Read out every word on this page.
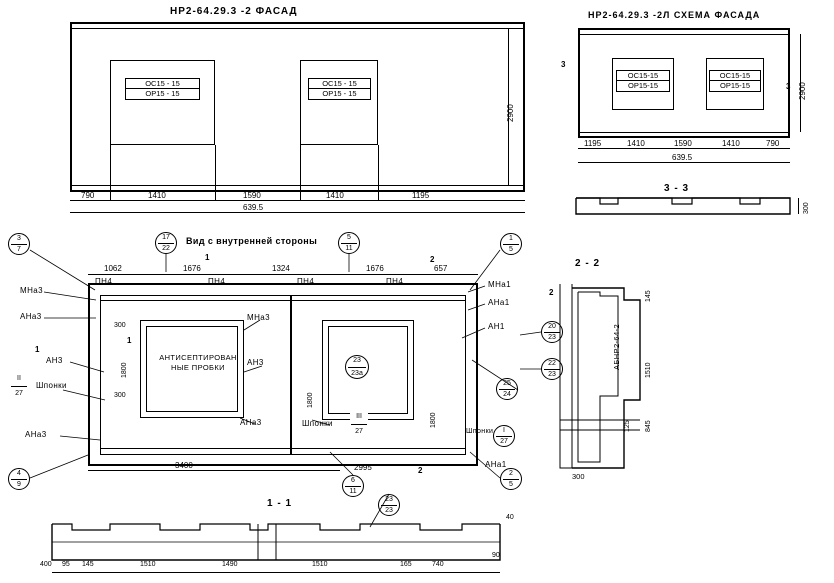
НР2-64.29.3 -2 ФАСАД	НР2-64.29.3 -2Л СХЕМА ФАСАДА
3 - 3
2 - 2
1 - 1
Вид с внутренней стороны
ОС15 - 15
ОР15 - 15
ОС15 - 15
ОР15 - 15
2900
790	1410	1590	1410	1195
639.5
ОС15-15
ОР15-15
ОС15-15
ОР15-15	2900
1195	1410	1590	1410	790
639.5
3
3
300
1062	1676	1324	1676	657
ПН4	ПН4	ПН4	ПН4
МНа3
АНа3
АН3
МНа1
АНа1
АН1
АНа1
МНа3
АН3
АНа3
АНа3
АНТИСЕПТИРОВАН НЫЕ ПРОБКИ
Шпонки
Шпонки
Шпонки
300
1800
300	1800
1800
3400	2995
3
7
17
22
5
11
1
5
2
5
4
9
6
11
23
23
23
23а
25
24
20
23
22
23
I
27
II
27
III
27
1
2
2
1
1
2
АБНР2-64-2
145
1510
125 845
300
400 95 145	1510	1490	1510	165	740
40
90
